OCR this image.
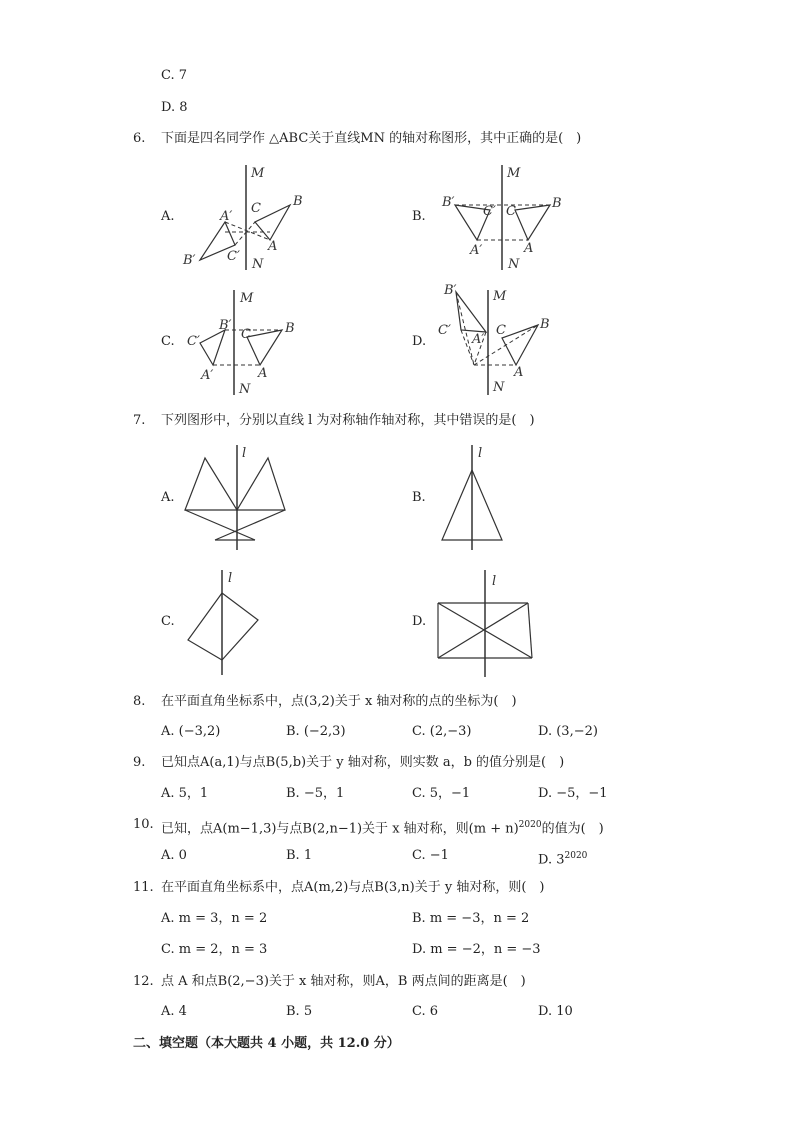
C. 7
D. 8
6. 下面是四名同学作 △ABC关于直线MN 的轴对称图形，其中正确的是(　)
A.
M
N
B
C
A
A′
B′ C′
B.
M
N
B
C
A
B′
C′
A′
C.
M
N
B
C
A
C′
B′
A′
D.
M
N
B
C
A
B′
C′
A′
7. 下列图形中，分别以直线 l 为对称轴作轴对称，其中错误的是(　)
A.
l
B.
l
C.
l
D.
l
8. 在平面直角坐标系中，点(3,2)关于 x 轴对称的点的坐标为(　)
A. (−3,2)	B. (−2,3)	C. (2,−3)	D. (3,−2)
9. 已知点A(a,1)与点B(5,b)关于 y 轴对称，则实数 a，b 的值分别是(　)
A. 5，1	B. −5，1	C. 5，−1	D. −5，−1
10. 已知，点A(m−1,3)与点B(2,n−1)关于 x 轴对称，则$(m + n)^{2020}$的值为(　)
A. 0	B. 1	C. −1	D. $3^{2020}$
11. 在平面直角坐标系中，点A(m,2)与点B(3,n)关于 y 轴对称，则(　)
A. m = 3，n = 2	B. m = −3，n = 2
C. m = 2，n = 3	D. m = −2，n = −3
12. 点 A 和点B(2,−3)关于 x 轴对称，则A，B 两点间的距离是(　)
A. 4	B. 5	C. 6	D. 10
二、填空题（本大题共 4 小题，共 12.0 分）
